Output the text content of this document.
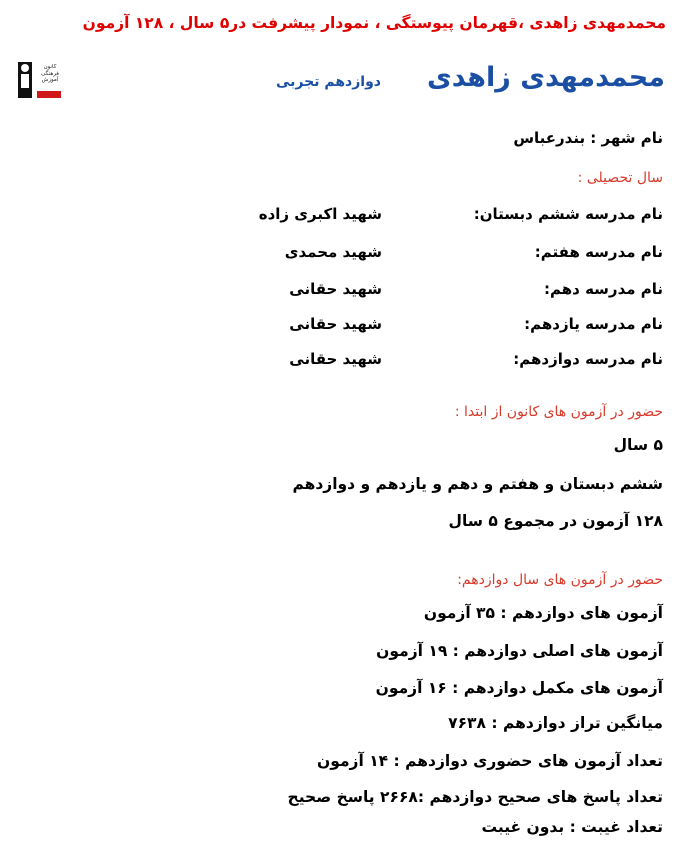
محمدمهدی زاهدی ،قهرمان پیوستگی ، نمودار پیشرفت در۵ سال ، ۱۲۸ آزمون
کانون
فرهنگی
آموزش
قلم‌چی	محمدمهدی زاهدی
دوازدهم تجربی
نام شهر : بندرعباس
سال تحصیلی :
نام مدرسه ششم دبستان:
شهید اکبری زاده
نام مدرسه هفتم:
شهید محمدی
نام مدرسه دهم:
شهید حقانی
نام مدرسه یازدهم:
شهید حقانی
نام مدرسه دوازدهم:
شهید حقانی
حضور در آزمون های کانون از ابتدا :
۵ سال
ششم دبستان و هفتم و دهم و یازدهم و دوازدهم
۱۲۸ آزمون در مجموع ۵ سال
حضور در آزمون های سال دوازدهم:
آزمون های دوازدهم : ۳۵ آزمون
آزمون های اصلی دوازدهم : ۱۹ آزمون
آزمون های مکمل دوازدهم : ۱۶ آزمون
میانگین تراز دوازدهم : ۷۶۳۸
تعداد آزمون های حضوری دوازدهم : ۱۴ آزمون
تعداد پاسخ های صحیح دوازدهم :۲۶۶۸ پاسخ صحیح
تعداد غیبت : بدون غیبت
